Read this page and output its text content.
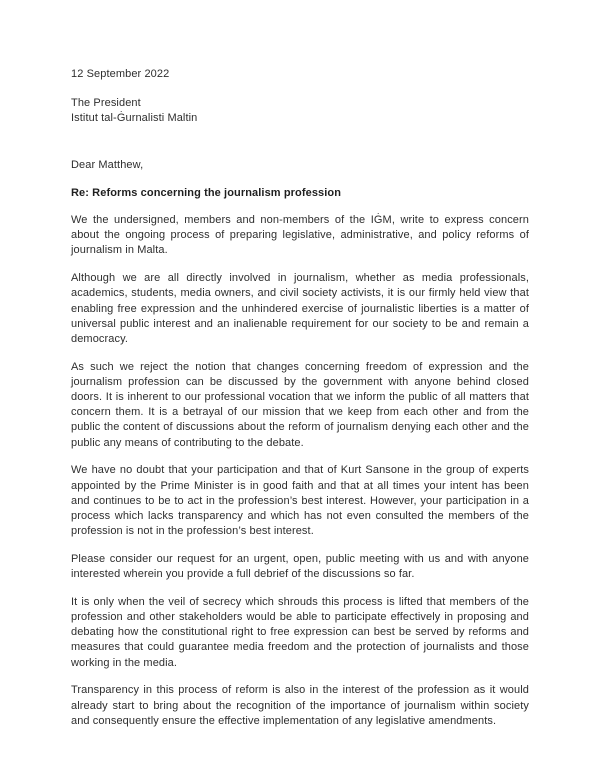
12 September 2022
The President
Istitut tal-Ġurnalisti Maltin
Dear Matthew,
Re: Reforms concerning the journalism profession

We the undersigned, members and non-members of the IĠM, write to express concern about the ongoing process of preparing legislative, administrative, and policy reforms of journalism in Malta.

Although we are all directly involved in journalism, whether as media professionals, academics, students, media owners, and civil society activists, it is our firmly held view that enabling free expression and the unhindered exercise of journalistic liberties is a matter of universal public interest and an inalienable requirement for our society to be and remain a democracy.

As such we reject the notion that changes concerning freedom of expression and the journalism profession can be discussed by the government with anyone behind closed doors. It is inherent to our professional vocation that we inform the public of all matters that concern them. It is a betrayal of our mission that we keep from each other and from the public the content of discussions about the reform of journalism denying each other and the public any means of contributing to the debate.

We have no doubt that your participation and that of Kurt Sansone in the group of experts appointed by the Prime Minister is in good faith and that at all times your intent has been and continues to be to act in the profession’s best interest. However, your participation in a process which lacks transparency and which has not even consulted the members of the profession is not in the profession’s best interest.

Please consider our request for an urgent, open, public meeting with us and with anyone interested wherein you provide a full debrief of the discussions so far.

It is only when the veil of secrecy which shrouds this process is lifted that members of the profession and other stakeholders would be able to participate effectively in proposing and debating how the constitutional right to free expression can best be served by reforms and measures that could guarantee media freedom and the protection of journalists and those working in the media.

Transparency in this process of reform is also in the interest of the profession as it would already start to bring about the recognition of the importance of journalism within society and consequently ensure the effective implementation of any legislative amendments.
